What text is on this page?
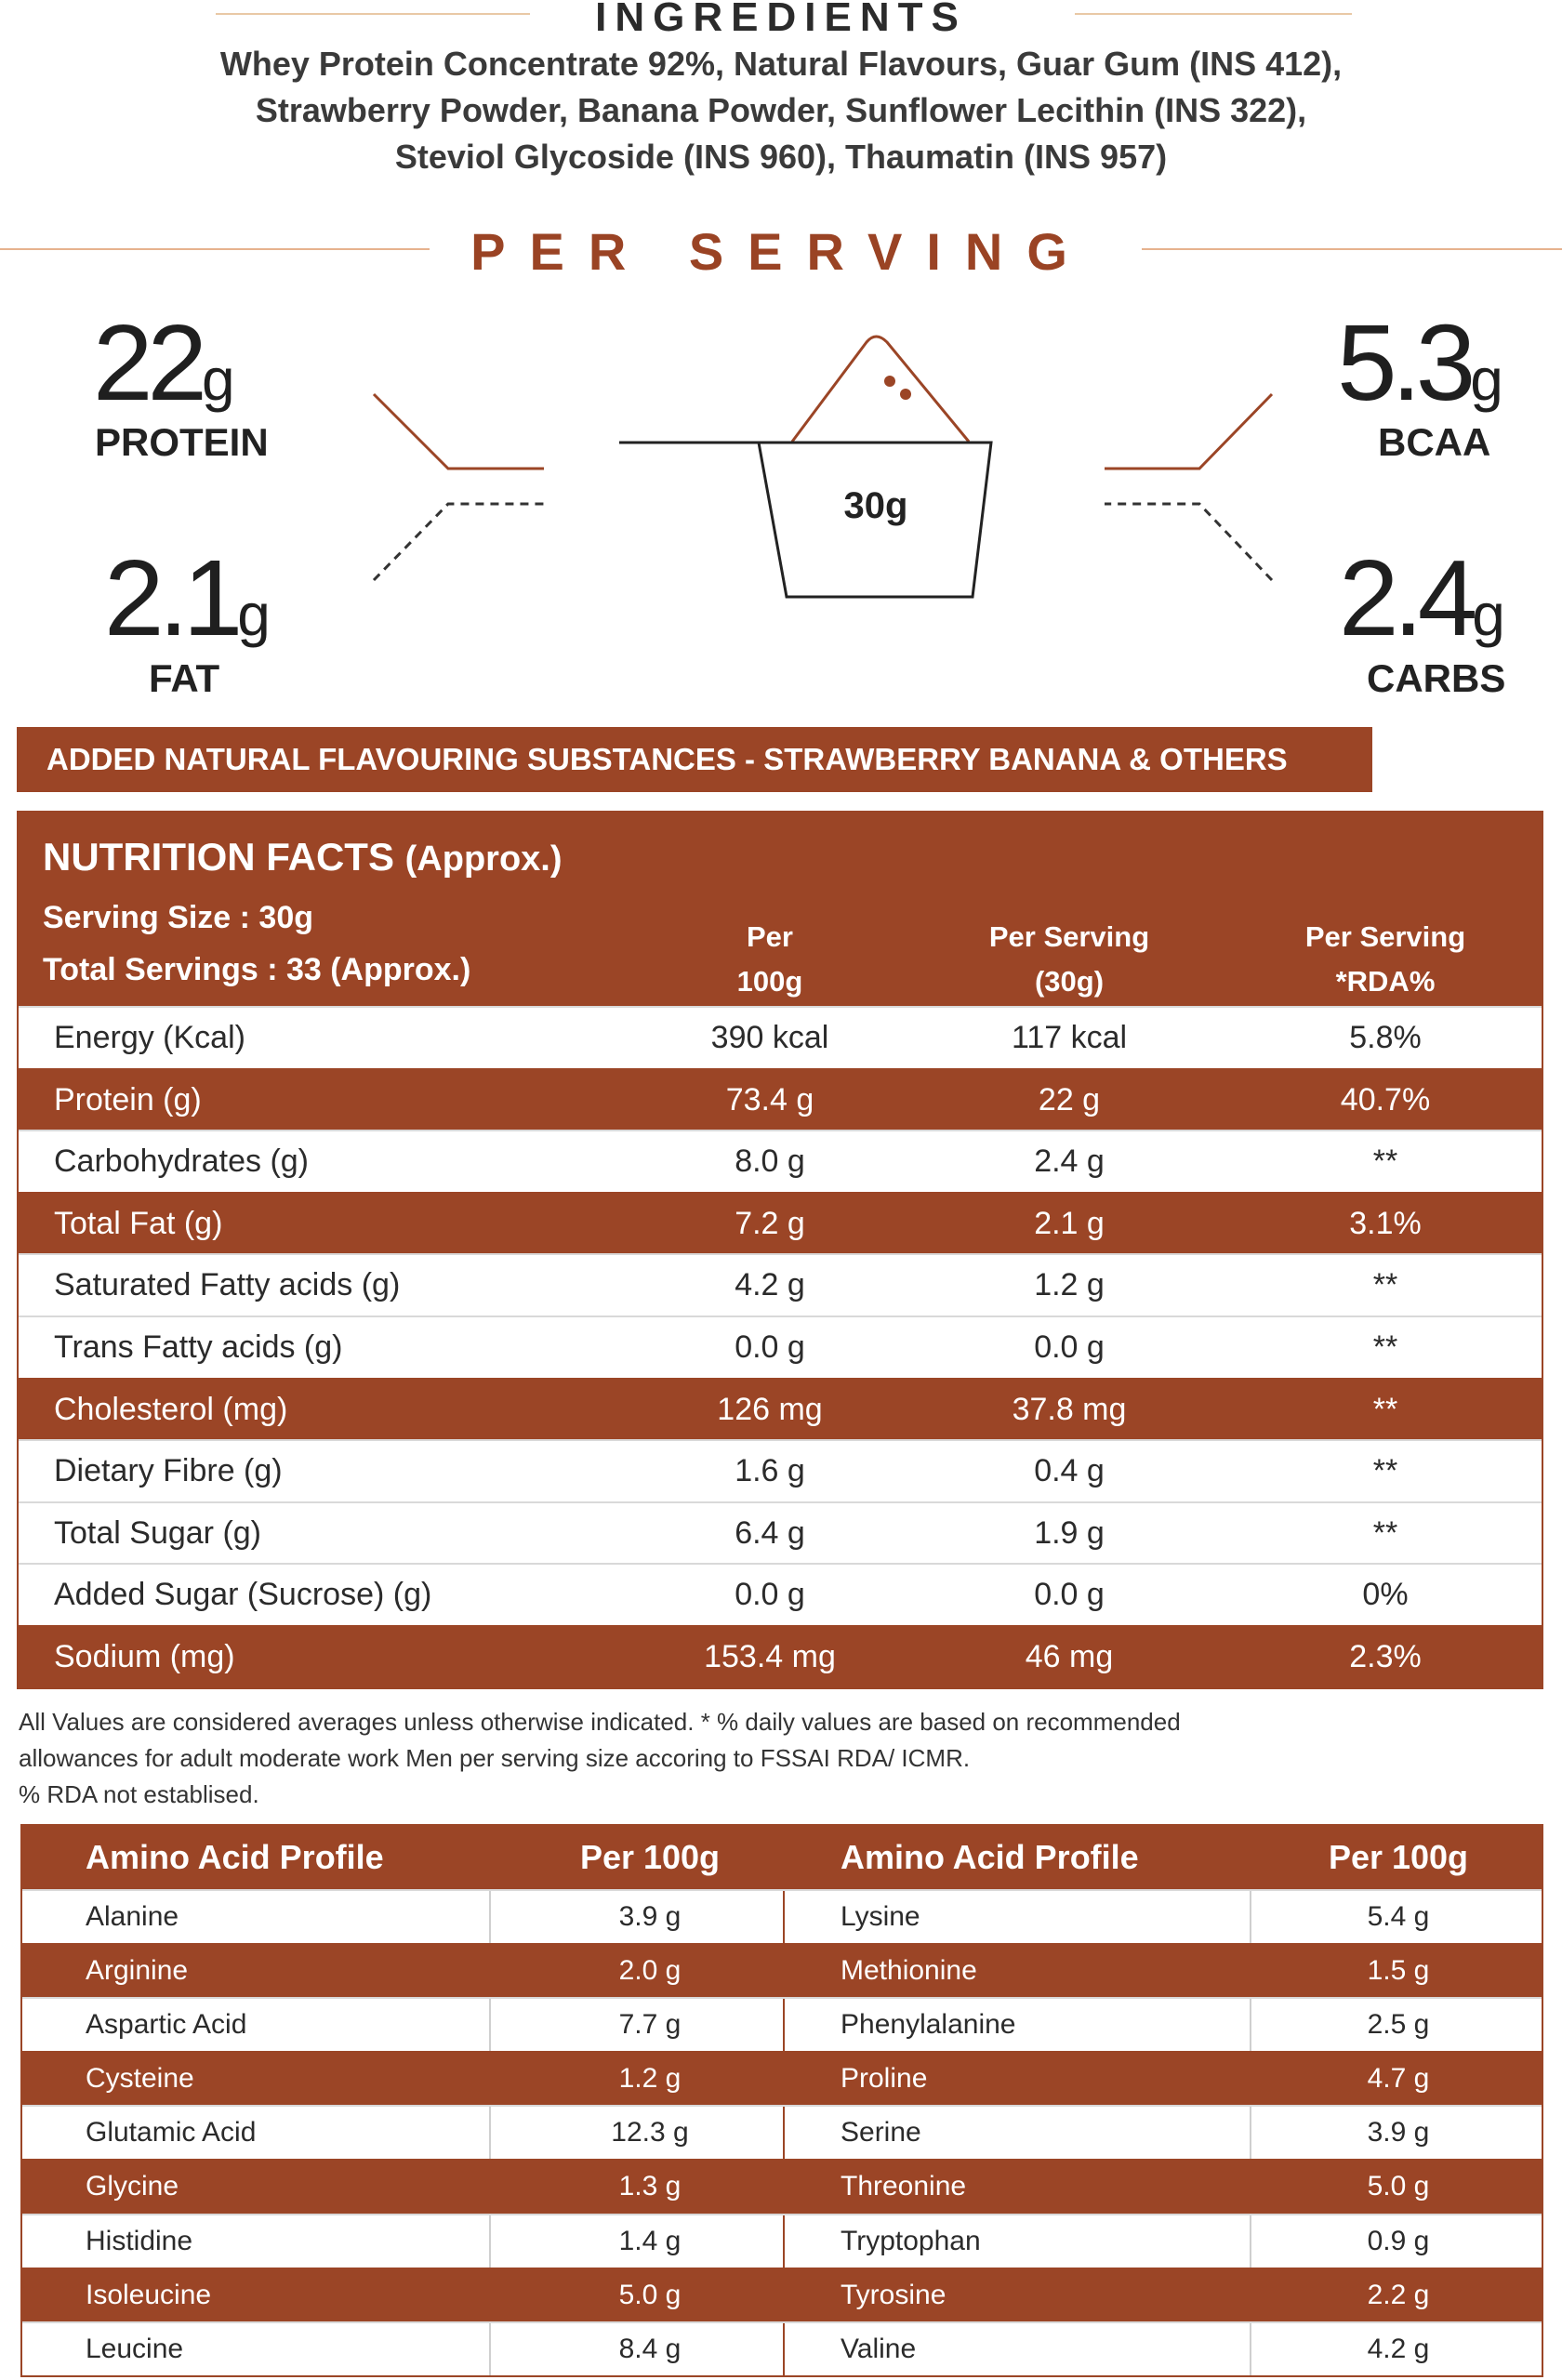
INGREDIENTS
Whey Protein Concentrate 92%, Natural Flavours, Guar Gum (INS 412),
Strawberry Powder, Banana Powder, Sunflower Lecithin (INS 322),
Steviol Glycoside (INS 960), Thaumatin (INS 957)
PER SERVING
22g
PROTEIN
2.1g
FAT
5.3g
BCAA
2.4g
CARBS
30g
ADDED NATURAL FLAVOURING SUBSTANCES - STRAWBERRY BANANA & OTHERS
NUTRITION FACTS (Approx.)
Serving Size : 30g
Total Servings : 33 (Approx.)
Per
100g
Per Serving
(30g)
Per Serving
*RDA%
Energy (Kcal)	390 kcal	117 kcal	5.8%
Protein (g)	73.4 g	22 g	40.7%
Carbohydrates (g)	8.0 g	2.4 g	**
Total Fat (g)	7.2 g	2.1 g	3.1%
Saturated Fatty acids (g)	4.2 g	1.2 g	**
Trans Fatty acids (g)	0.0 g	0.0 g	**
Cholesterol (mg)	126 mg	37.8 mg	**
Dietary Fibre (g)	1.6 g	0.4 g	**
Total Sugar (g)	6.4 g	1.9 g	**
Added Sugar (Sucrose) (g)	0.0 g	0.0 g	0%
Sodium (mg)	153.4 mg	46 mg	2.3%
All Values are considered averages unless otherwise indicated. * % daily values are based on recommended
allowances for adult moderate work Men per serving size accoring to FSSAI RDA/ ICMR.
% RDA not establised.
Amino Acid Profile	Per 100g	Amino Acid Profile	Per 100g
Alanine	3.9 g	Lysine	5.4 g
Arginine	2.0 g	Methionine	1.5 g
Aspartic Acid	7.7 g	Phenylalanine	2.5 g
Cysteine	1.2 g	Proline	4.7 g
Glutamic Acid	12.3 g	Serine	3.9 g
Glycine	1.3 g	Threonine	5.0 g
Histidine	1.4 g	Tryptophan	0.9 g
Isoleucine	5.0 g	Tyrosine	2.2 g
Leucine	8.4 g	Valine	4.2 g
